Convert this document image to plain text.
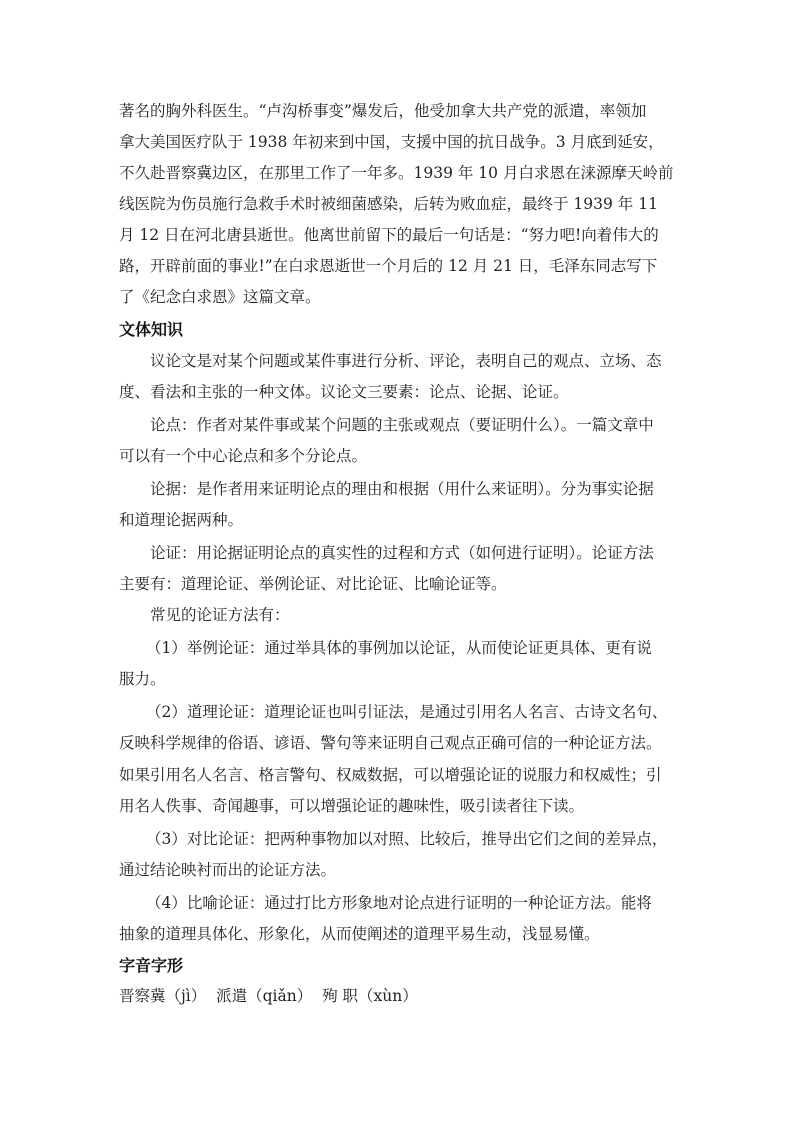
著名的胸外科医生。“卢沟桥事变”爆发后，他受加拿大共产党的派遣，率领加

拿大美国医疗队于 1938 年初来到中国，支援中国的抗日战争。3 月底到延安，

不久赴晋察冀边区，在那里工作了一年多。1939 年 10 月白求恩在涞源摩天岭前

线医院为伤员施行急救手术时被细菌感染，后转为败血症，最终于 1939 年 11

月 12 日在河北唐县逝世。他离世前留下的最后一句话是：“努力吧!向着伟大的

路，开辟前面的事业!”在白求恩逝世一个月后的 12 月 21 日，毛泽东同志写下

了《纪念白求恩》这篇文章。

文体知识

议论文是对某个问题或某件事进行分析、评论，表明自己的观点、立场、态

度、看法和主张的一种文体。议论文三要素：论点、论据、论证。

论点：作者对某件事或某个问题的主张或观点（要证明什么）。一篇文章中

可以有一个中心论点和多个分论点。

论据：是作者用来证明论点的理由和根据（用什么来证明）。分为事实论据

和道理论据两种。

论证：用论据证明论点的真实性的过程和方式（如何进行证明）。论证方法

主要有：道理论证、举例论证、对比论证、比喻论证等。

常见的论证方法有：

（1）举例论证：通过举具体的事例加以论证，从而使论证更具体、更有说

服力。

（2）道理论证：道理论证也叫引证法，是通过引用名人名言、古诗文名句、

反映科学规律的俗语、谚语、警句等来证明自己观点正确可信的一种论证方法。

如果引用名人名言、格言警句、权威数据，可以增强论证的说服力和权威性；引

用名人佚事、奇闻趣事，可以增强论证的趣味性，吸引读者往下读。

（3）对比论证：把两种事物加以对照、比较后，推导出它们之间的差异点，

通过结论映衬而出的论证方法。

（4）比喻论证：通过打比方形象地对论点进行证明的一种论证方法。能将

抽象的道理具体化、形象化，从而使阐述的道理平易生动，浅显易懂。

字音字形

晋察冀（jì）  派遣（qiǎn）  殉 职（xùn）
